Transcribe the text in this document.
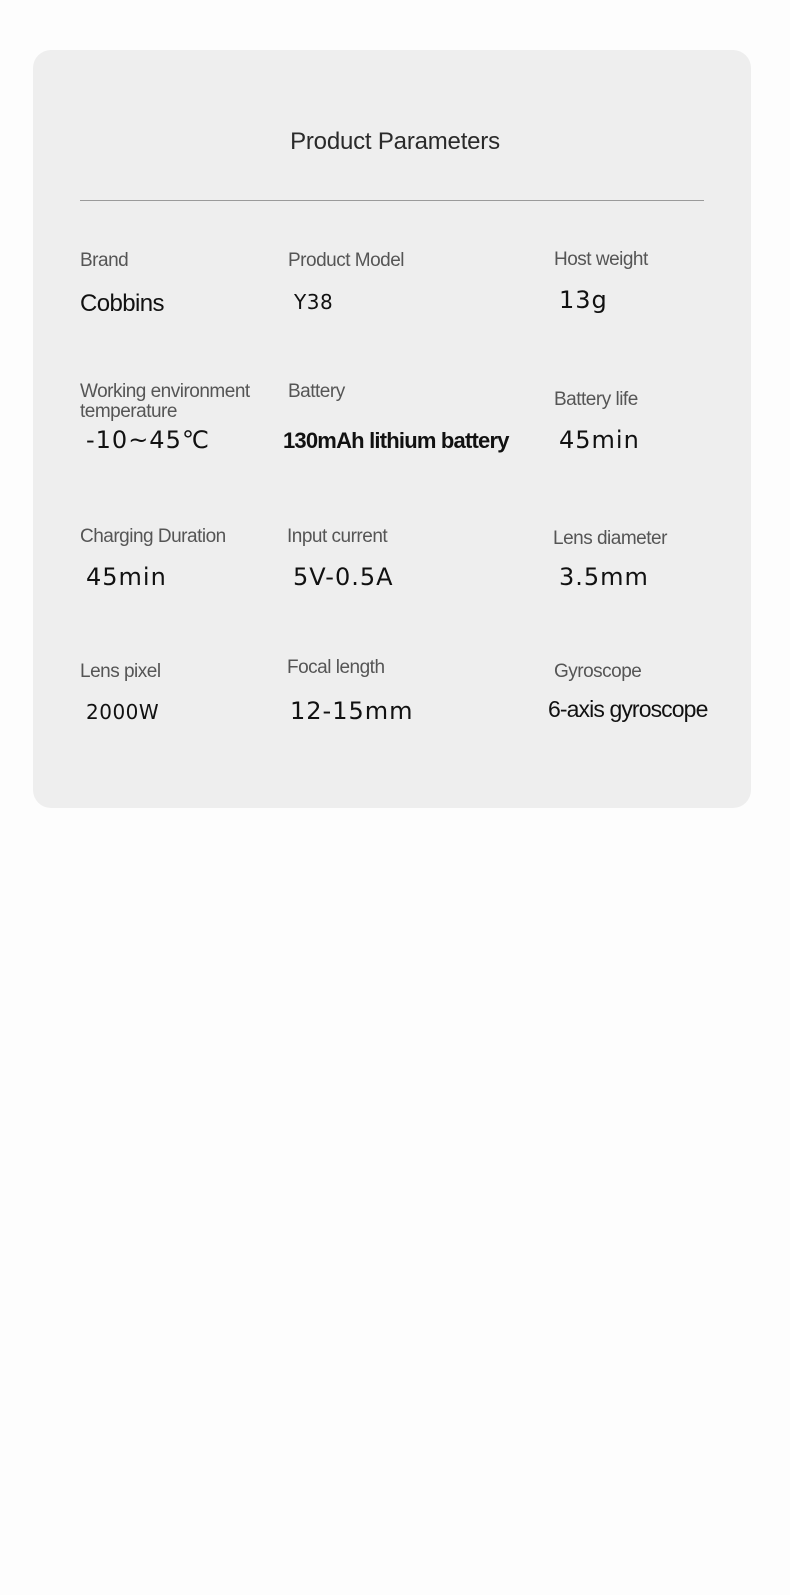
Product Parameters
Brand
Cobbins
Product Model
Y38
Host weight
13g
Working environment
temperature
-10~45℃
Battery
130mAh lithium battery
Battery life
45min
Charging Duration
45min
Input current
5V-0.5A
Lens diameter
3.5mm
Lens pixel
2000W
Focal length
12-15mm
Gyroscope
6-axis gyroscope
